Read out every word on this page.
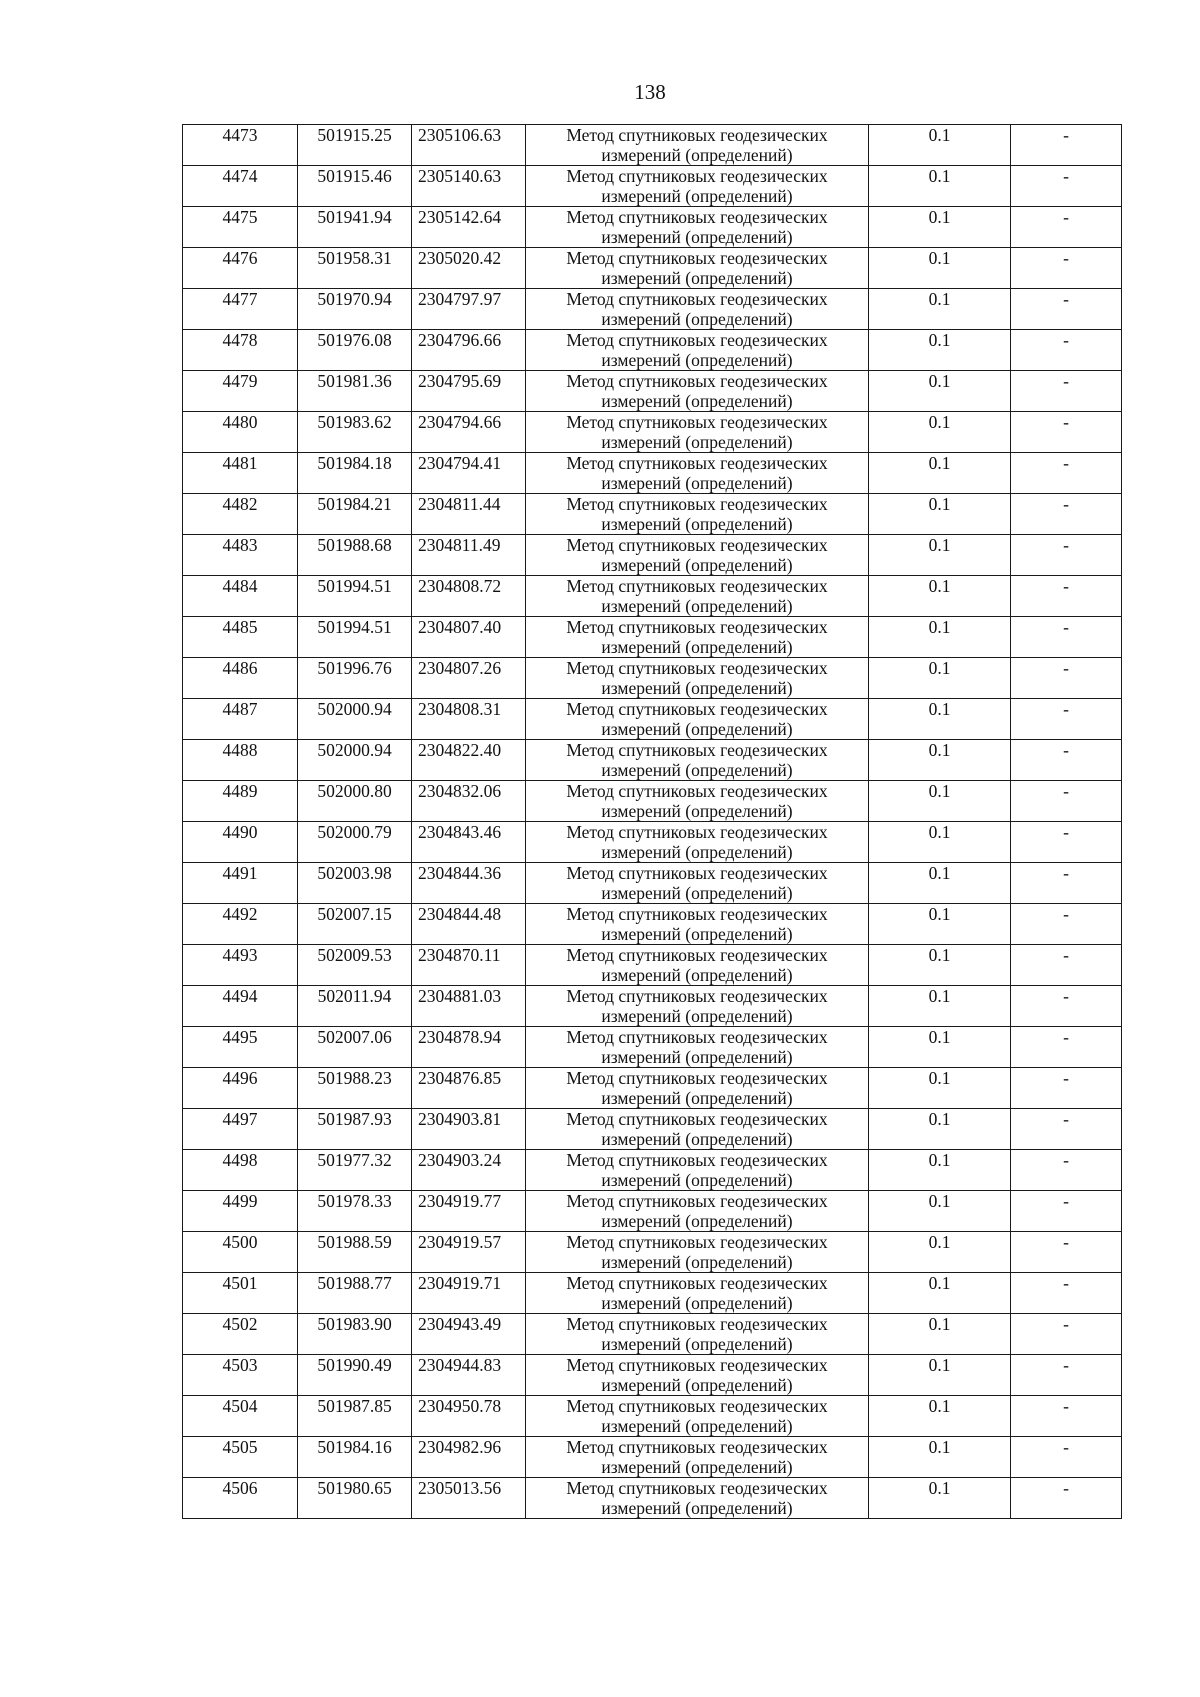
138
4473	501915.25	2305106.63	Метод спутниковых геодезических
измерений (определений)	0.1	-
4474	501915.46	2305140.63	Метод спутниковых геодезических
измерений (определений)	0.1	-
4475	501941.94	2305142.64	Метод спутниковых геодезических
измерений (определений)	0.1	-
4476	501958.31	2305020.42	Метод спутниковых геодезических
измерений (определений)	0.1	-
4477	501970.94	2304797.97	Метод спутниковых геодезических
измерений (определений)	0.1	-
4478	501976.08	2304796.66	Метод спутниковых геодезических
измерений (определений)	0.1	-
4479	501981.36	2304795.69	Метод спутниковых геодезических
измерений (определений)	0.1	-
4480	501983.62	2304794.66	Метод спутниковых геодезических
измерений (определений)	0.1	-
4481	501984.18	2304794.41	Метод спутниковых геодезических
измерений (определений)	0.1	-
4482	501984.21	2304811.44	Метод спутниковых геодезических
измерений (определений)	0.1	-
4483	501988.68	2304811.49	Метод спутниковых геодезических
измерений (определений)	0.1	-
4484	501994.51	2304808.72	Метод спутниковых геодезических
измерений (определений)	0.1	-
4485	501994.51	2304807.40	Метод спутниковых геодезических
измерений (определений)	0.1	-
4486	501996.76	2304807.26	Метод спутниковых геодезических
измерений (определений)	0.1	-
4487	502000.94	2304808.31	Метод спутниковых геодезических
измерений (определений)	0.1	-
4488	502000.94	2304822.40	Метод спутниковых геодезических
измерений (определений)	0.1	-
4489	502000.80	2304832.06	Метод спутниковых геодезических
измерений (определений)	0.1	-
4490	502000.79	2304843.46	Метод спутниковых геодезических
измерений (определений)	0.1	-
4491	502003.98	2304844.36	Метод спутниковых геодезических
измерений (определений)	0.1	-
4492	502007.15	2304844.48	Метод спутниковых геодезических
измерений (определений)	0.1	-
4493	502009.53	2304870.11	Метод спутниковых геодезических
измерений (определений)	0.1	-
4494	502011.94	2304881.03	Метод спутниковых геодезических
измерений (определений)	0.1	-
4495	502007.06	2304878.94	Метод спутниковых геодезических
измерений (определений)	0.1	-
4496	501988.23	2304876.85	Метод спутниковых геодезических
измерений (определений)	0.1	-
4497	501987.93	2304903.81	Метод спутниковых геодезических
измерений (определений)	0.1	-
4498	501977.32	2304903.24	Метод спутниковых геодезических
измерений (определений)	0.1	-
4499	501978.33	2304919.77	Метод спутниковых геодезических
измерений (определений)	0.1	-
4500	501988.59	2304919.57	Метод спутниковых геодезических
измерений (определений)	0.1	-
4501	501988.77	2304919.71	Метод спутниковых геодезических
измерений (определений)	0.1	-
4502	501983.90	2304943.49	Метод спутниковых геодезических
измерений (определений)	0.1	-
4503	501990.49	2304944.83	Метод спутниковых геодезических
измерений (определений)	0.1	-
4504	501987.85	2304950.78	Метод спутниковых геодезических
измерений (определений)	0.1	-
4505	501984.16	2304982.96	Метод спутниковых геодезических
измерений (определений)	0.1	-
4506	501980.65	2305013.56	Метод спутниковых геодезических
измерений (определений)	0.1	-
